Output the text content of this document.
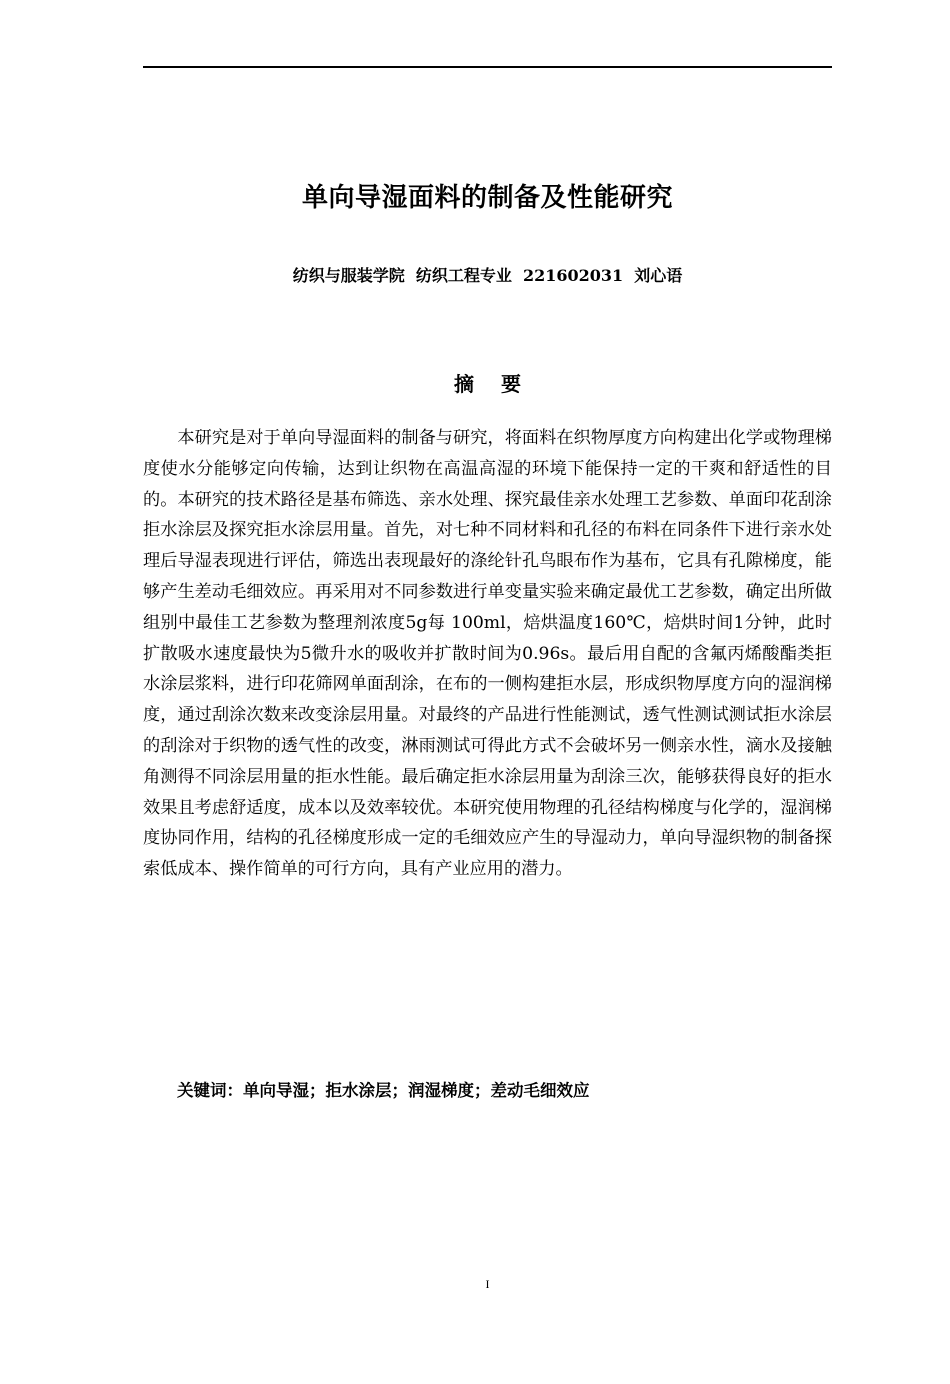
单向导湿面料的制备及性能研究
纺织与服装学院  纺织工程专业  221602031  刘心语
摘 要

本研究是对于单向导湿面料的制备与研究，将面料在织物厚度方向构建出化学或物理梯度使水分能够定向传输，达到让织物在高温高湿的环境下能保持一定的干爽和舒适性的目的。本研究的技术路径是基布筛选、亲水处理、探究最佳亲水处理工艺参数、单面印花刮涂拒水涂层及探究拒水涂层用量。首先，对七种不同材料和孔径的布料在同条件下进行亲水处理后导湿表现进行评估，筛选出表现最好的涤纶针孔鸟眼布作为基布，它具有孔隙梯度，能够产生差动毛细效应。再采用对不同参数进行单变量实验来确定最优工艺参数，确定出所做组别中最佳工艺参数为整理剂浓度5g每 100ml，焙烘温度160℃，焙烘时间1分钟，此时扩散吸水速度最快为5微升水的吸收并扩散时间为0.96s。最后用自配的含氟丙烯酸酯类拒水涂层浆料，进行印花筛网单面刮涂，在布的一侧构建拒水层，形成织物厚度方向的湿润梯度，通过刮涂次数来改变涂层用量。对最终的产品进行性能测试，透气性测试测试拒水涂层的刮涂对于织物的透气性的改变，淋雨测试可得此方式不会破坏另一侧亲水性，滴水及接触角测得不同涂层用量的拒水性能。最后确定拒水涂层用量为刮涂三次，能够获得良好的拒水效果且考虑舒适度，成本以及效率较优。本研究使用物理的孔径结构梯度与化学的，湿润梯度协同作用，结构的孔径梯度形成一定的毛细效应产生的导湿动力，单向导湿织物的制备探索低成本、操作简单的可行方向，具有产业应用的潜力。

关键词：单向导湿；拒水涂层；润湿梯度；差动毛细效应
I
